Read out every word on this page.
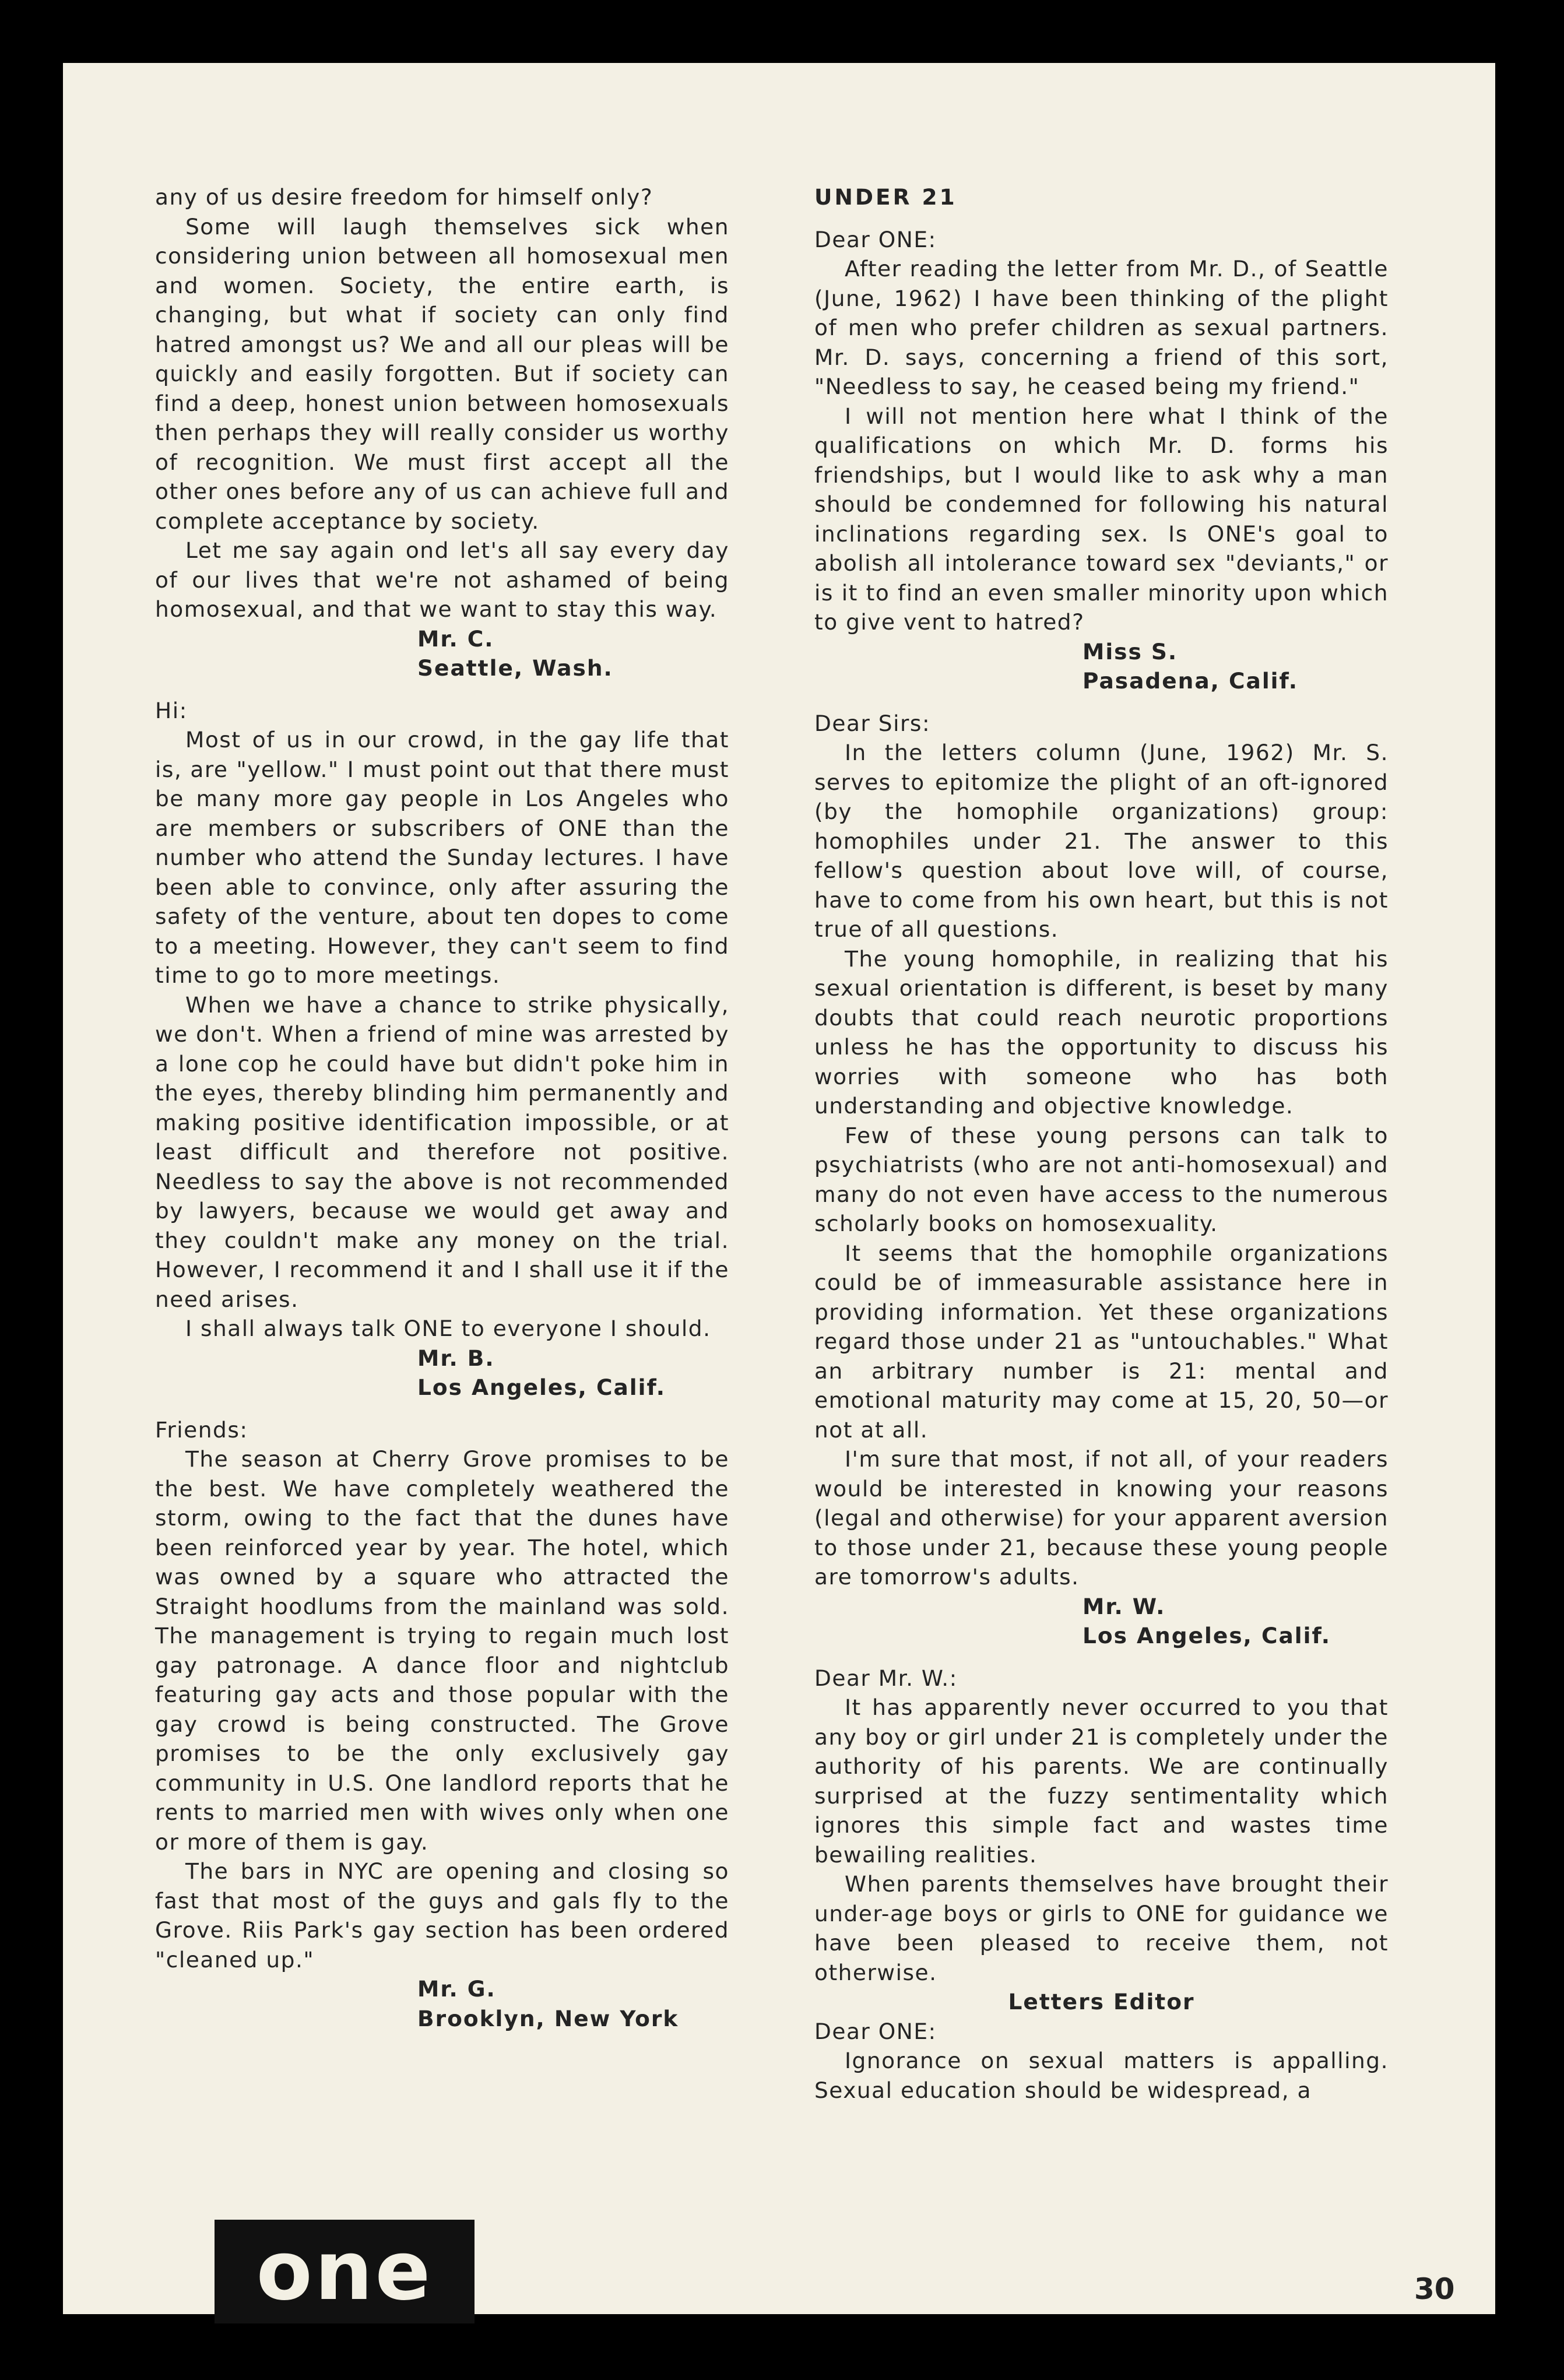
any of us desire freedom for himself only?

Some will laugh themselves sick when considering union between all homosexual men and women. Society, the entire earth, is changing, but what if society can only find hatred amongst us? We and all our pleas will be quickly and easily forgotten. But if society can find a deep, honest union between homosexuals then perhaps they will really consider us worthy of recognition. We must first accept all the other ones before any of us can achieve full and complete acceptance by society.

Let me say again ond let's all say every day of our lives that we're not ashamed of being homosexual, and that we want to stay this way.

Mr. C.

Seattle, Wash.

Hi:

Most of us in our crowd, in the gay life that is, are "yellow." I must point out that there must be many more gay people in Los Angeles who are members or subscribers of ONE than the number who attend the Sunday lectures. I have been able to convince, only after assuring the safety of the venture, about ten dopes to come to a meeting. However, they can't seem to find time to go to more meetings.

When we have a chance to strike physically, we don't. When a friend of mine was arrested by a lone cop he could have but didn't poke him in the eyes, thereby blinding him permanently and making positive identification impossible, or at least difficult and therefore not positive. Needless to say the above is not recommended by lawyers, because we would get away and they couldn't make any money on the trial. However, I recommend it and I shall use it if the need arises.

I shall always talk ONE to everyone I should.

Mr. B.

Los Angeles, Calif.

Friends:

The season at Cherry Grove promises to be the best. We have completely weathered the storm, owing to the fact that the dunes have been reinforced year by year. The hotel, which was owned by a square who attracted the Straight hoodlums from the mainland was sold. The management is trying to regain much lost gay patronage. A dance floor and nightclub featuring gay acts and those popular with the gay crowd is being constructed. The Grove promises to be the only exclusively gay community in U.S. One landlord reports that he rents to married men with wives only when one or more of them is gay.

The bars in NYC are opening and closing so fast that most of the guys and gals fly to the Grove. Riis Park's gay section has been ordered "cleaned up."

Mr. G.

Brooklyn, New York

UNDER 21

Dear ONE:

After reading the letter from Mr. D., of Seattle (June, 1962) I have been thinking of the plight of men who prefer children as sexual partners. Mr. D. says, concerning a friend of this sort, "Needless to say, he ceased being my friend."

I will not mention here what I think of the qualifications on which Mr. D. forms his friendships, but I would like to ask why a man should be condemned for following his natural inclinations regarding sex. Is ONE's goal to abolish all intolerance toward sex "deviants," or is it to find an even smaller minority upon which to give vent to hatred?

Miss S.

Pasadena, Calif.

Dear Sirs:

In the letters column (June, 1962) Mr. S. serves to epitomize the plight of an oft-ignored (by the homophile organizations) group: homophiles under 21. The answer to this fellow's question about love will, of course, have to come from his own heart, but this is not true of all questions.

The young homophile, in realizing that his sexual orientation is different, is beset by many doubts that could reach neurotic proportions unless he has the opportunity to discuss his worries with someone who has both understanding and objective knowledge.

Few of these young persons can talk to psychiatrists (who are not anti-homosexual) and many do not even have access to the numerous scholarly books on homosexuality.

It seems that the homophile organizations could be of immeasurable assistance here in providing information. Yet these organizations regard those under 21 as "untouchables." What an arbitrary number is 21: mental and emotional maturity may come at 15, 20, 50—or not at all.

I'm sure that most, if not all, of your readers would be interested in knowing your reasons (legal and otherwise) for your apparent aversion to those under 21, because these young people are tomorrow's adults.

Mr. W.

Los Angeles, Calif.

Dear Mr. W.:

It has apparently never occurred to you that any boy or girl under 21 is completely under the authority of his parents. We are continually surprised at the fuzzy sentimentality which ignores this simple fact and wastes time bewailing realities.

When parents themselves have brought their under-age boys or girls to ONE for guidance we have been pleased to receive them, not otherwise.

Letters Editor

Dear ONE:

Ignorance on sexual matters is appalling. Sexual education should be widespread, a

one	30
